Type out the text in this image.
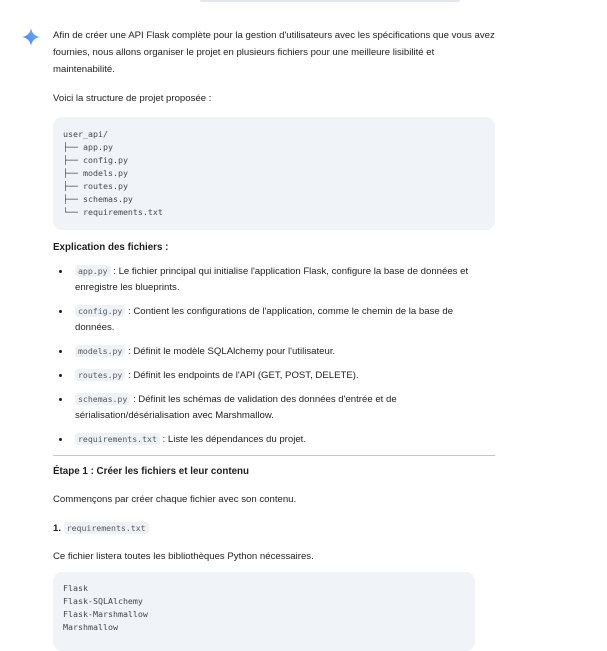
Afin de créer une API Flask complète pour la gestion d'utilisateurs avec les spécifications que vous avez fournies, nous allons organiser le projet en plusieurs fichiers pour une meilleure lisibilité et maintenabilité.

Voici la structure de projet proposée :

user_api/
├── app.py
├── config.py
├── models.py
├── routes.py
├── schemas.py
└── requirements.txt
Explication des fichiers :
app.py : Le fichier principal qui initialise l'application Flask, configure la base de données et enregistre les blueprints.
config.py : Contient les configurations de l'application, comme le chemin de la base de données.
models.py : Définit le modèle SQLAlchemy pour l'utilisateur.
routes.py : Définit les endpoints de l'API (GET, POST, DELETE).
schemas.py : Définit les schémas de validation des données d'entrée et de sérialisation/désérialisation avec Marshmallow.
requirements.txt : Liste les dépendances du projet.
Étape 1 : Créer les fichiers et leur contenu

Commençons par créer chaque fichier avec son contenu.

1. requirements.txt

Ce fichier listera toutes les bibliothèques Python nécessaires.

Flask
Flask-SQLAlchemy
Flask-Marshmallow
Marshmallow
